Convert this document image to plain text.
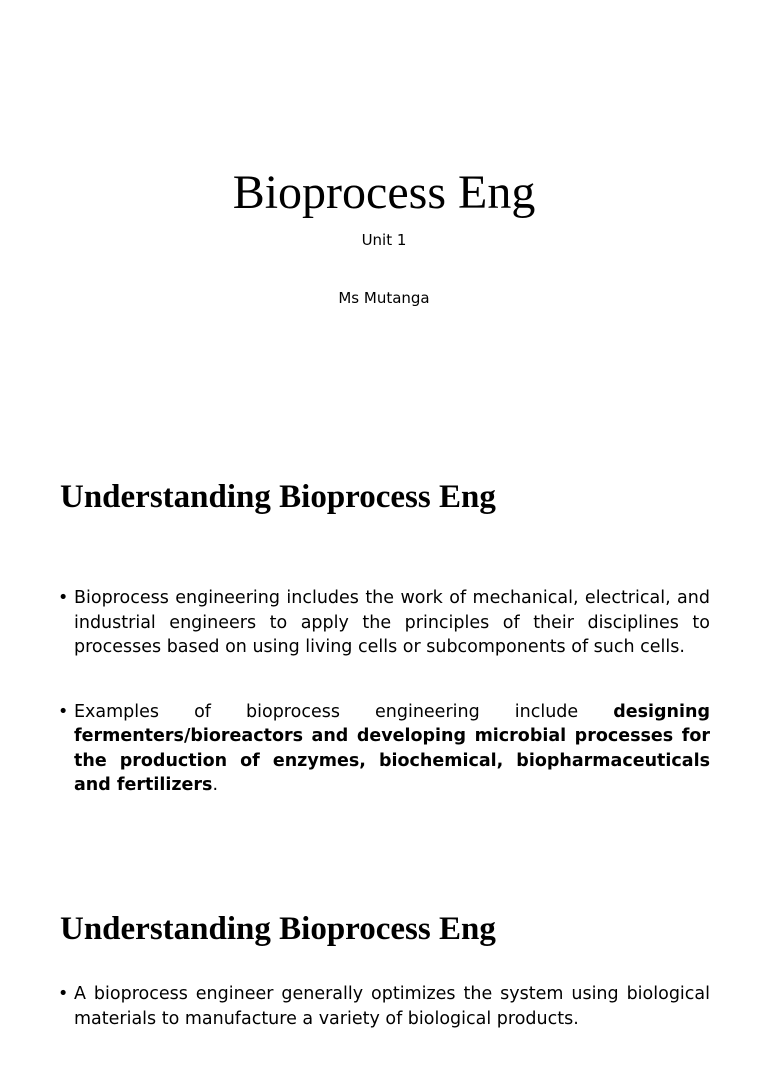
Bioprocess Eng

Unit 1

Ms Mutanga

Understanding Bioprocess Eng
• Bioprocess engineering includes the work of mechanical, electrical, and industrial engineers to apply the principles of their disciplines to processes based on using living cells or subcomponents of such cells.
• Examples of bioprocess engineering include designing fermenters/bioreactors and developing microbial processes for the production of enzymes, biochemical, biopharmaceuticals and fertilizers.
Understanding Bioprocess Eng
• A bioprocess engineer generally optimizes the system using biological materials to manufacture a variety of biological products.
